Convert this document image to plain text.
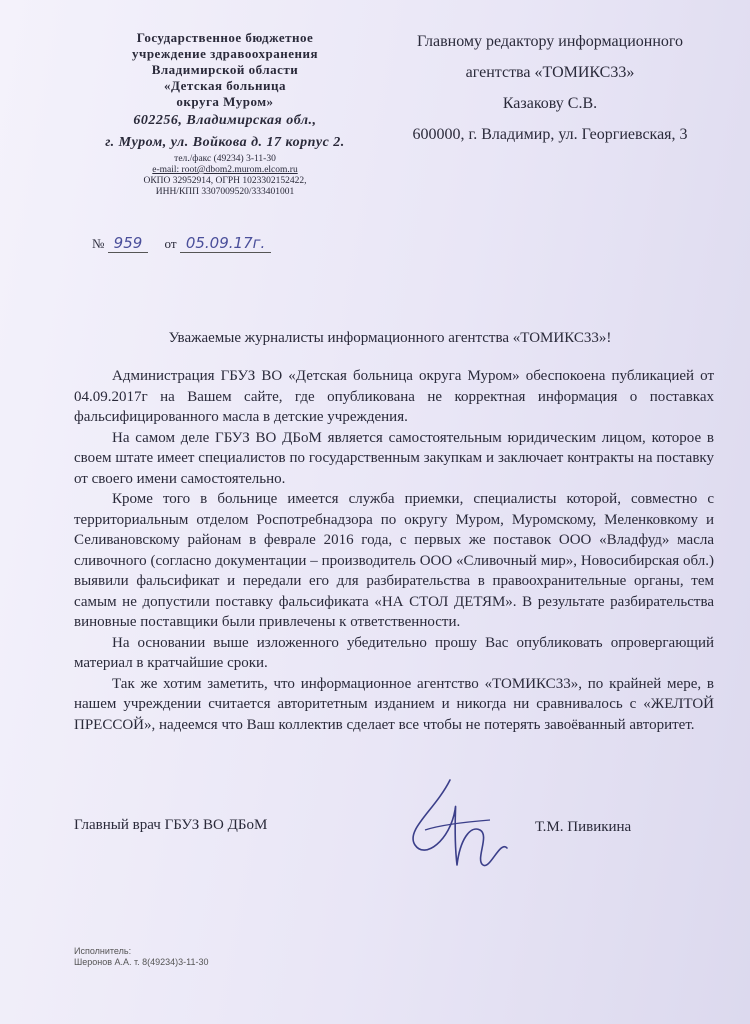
Государственное бюджетное
учреждение здравоохранения
Владимирской области
«Детская больница
округа Муром»
602256, Владимирская обл.,
г. Муром, ул. Войкова д. 17 корпус 2.
тел./факс (49234) 3-11-30
e-mail: root@dbom2.murom.elcom.ru
ОКПО 32952914, ОГРН 1023302152422,
ИНН/КПП 3307009520/333401001
№ 959 от 05.09.17г.
Главному редактору информационного
агентства «ТОМИКС33»
Казакову С.В.
600000, г. Владимир, ул. Георгиевская, 3
Уважаемые журналисты информационного агентства «ТОМИКС33»!

Администрация ГБУЗ ВО «Детская больница округа Муром» обеспокоена публикацией от 04.09.2017г на Вашем сайте, где опубликована не корректная информация о поставках фальсифицированного масла в детские учреждения.

На самом деле ГБУЗ ВО ДБоМ является самостоятельным юридическим лицом, которое в своем штате имеет специалистов по государственным закупкам и заключает контракты на поставку от своего имени самостоятельно.

Кроме того в больнице имеется служба приемки, специалисты которой, совместно с территориальным отделом Роспотребнадзора по округу Муром, Муромскому, Меленковкому и Селивановскому районам в феврале 2016 года, с первых же поставок ООО «Владфуд» масла сливочного (согласно документации – производитель ООО «Сливочный мир», Новосибирская обл.) выявили фальсификат и передали его для разбирательства в правоохранительные органы, тем самым не допустили поставку фальсификата «НА СТОЛ ДЕТЯМ». В результате разбирательства виновные поставщики были привлечены к ответственности.

На основании выше изложенного убедительно прошу Вас опубликовать опровергающий материал в кратчайшие сроки.

Так же хотим заметить, что информационное агентство «ТОМИКС33», по крайней мере, в нашем учреждении считается авторитетным изданием и никогда ни сравнивалось с «ЖЕЛТОЙ ПРЕССОЙ», надеемся что Ваш коллектив сделает все чтобы не потерять завоёванный авторитет.

Главный врач ГБУЗ ВО ДБоМ	Т.М. Пивикина
Исполнитель:
Шеронов А.А. т. 8(49234)3-11-30
